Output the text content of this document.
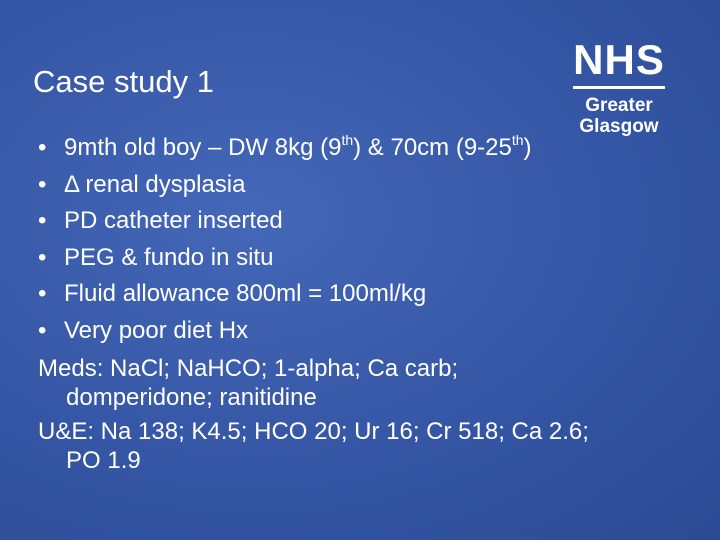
Case study 1	NHS
Greater
Glasgow
• 9mth old boy – DW 8kg (9th) & 70cm (9-25th)
• Δ renal dysplasia
• PD catheter inserted
• PEG & fundo in situ
• Fluid allowance 800ml = 100ml/kg
• Very poor diet Hx
Meds: NaCl; NaHCO; 1-alpha; Ca carb;
domperidone; ranitidine
U&E: Na 138; K4.5; HCO 20; Ur 16; Cr 518; Ca 2.6;
PO 1.9
